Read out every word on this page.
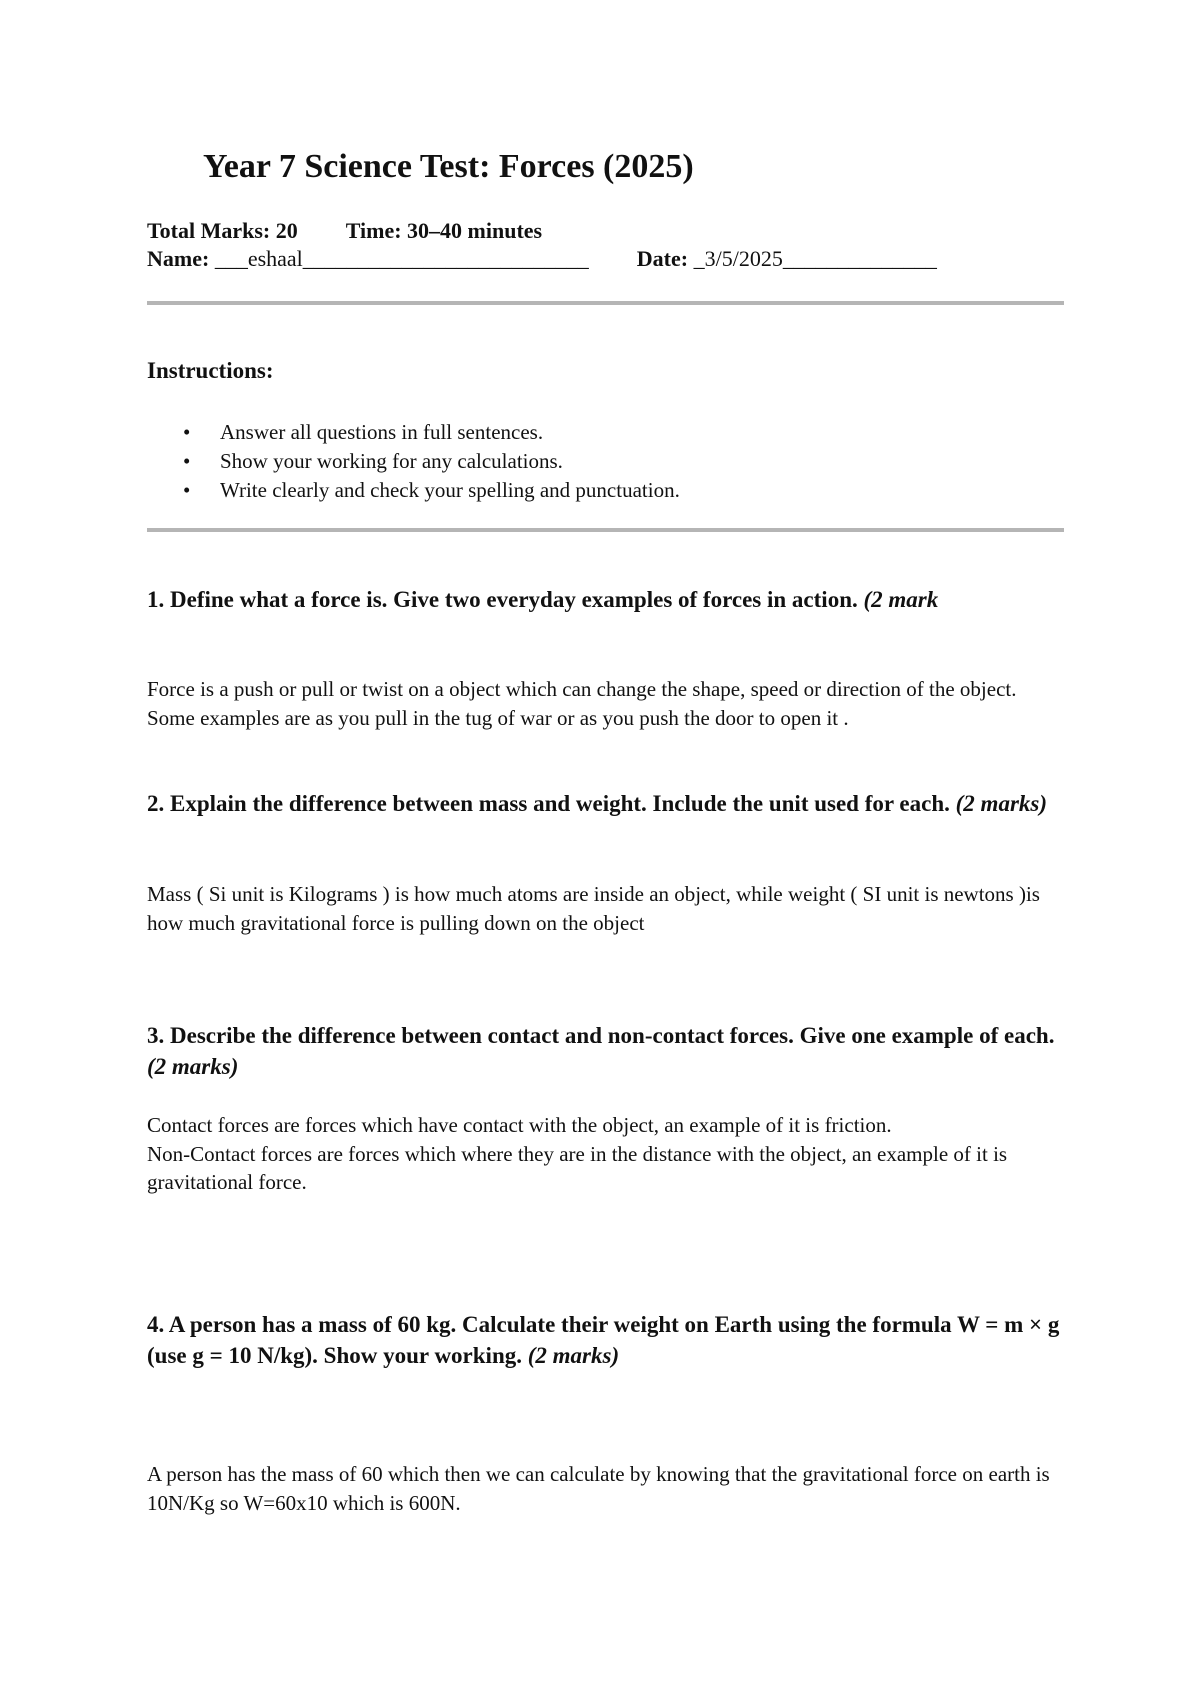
Year 7 Science Test: Forces (2025)

Total Marks: 20 Time: 30–40 minutes

Name: ___eshaal__________________________ Date: _3/5/2025______________

Instructions:
• Answer all questions in full sentences.
• Show your working for any calculations.
• Write clearly and check your spelling and punctuation.

1. Define what a force is. Give two everyday examples of forces in action. (2 mark

Force is a push or pull or twist on a object which can change the shape, speed or direction of the object. Some examples are as you pull in the tug of war or as you push the door to open it .

2. Explain the difference between mass and weight. Include the unit used for each. (2 marks)

Mass ( Si unit is Kilograms ) is how much atoms are inside an object, while weight ( SI unit is newtons )is how much gravitational force is pulling down on the object

3. Describe the difference between contact and non-contact forces. Give one example of each. (2 marks)

Contact forces are forces which have contact with the object, an example of it is friction.
Non-Contact forces are forces which where they are in the distance with the object, an example of it is gravitational force.

4. A person has a mass of 60 kg. Calculate their weight on Earth using the formula W = m × g (use g = 10 N/kg). Show your working. (2 marks)

A person has the mass of 60 which then we can calculate by knowing that the gravitational force on earth is 10N/Kg so W=60x10 which is 600N.
